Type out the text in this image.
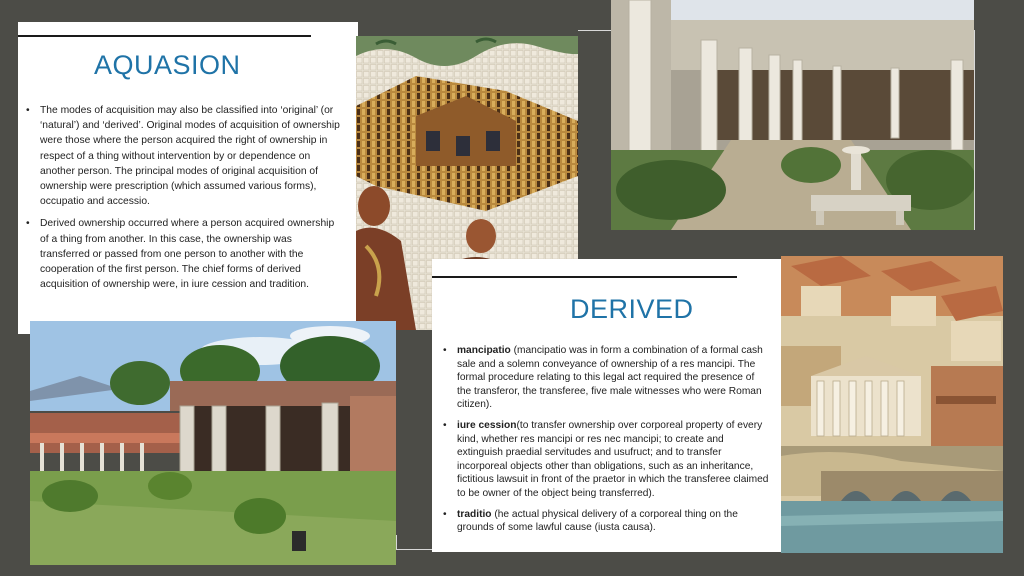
AQUASION
• The modes of acquisition may also be classified into ‘original’ (or ‘natural’) and ‘derived’. Original modes of acquisition of ownership were those where the person acquired the right of ownership in respect of a thing without intervention by or dependence on another person. The principal modes of original acquisition of ownership were prescription (which assumed various forms), occupatio and accessio.
• Derived ownership occurred where a person acquired ownership of a thing from another. In this case, the ownership was transferred or passed from one person to another with the cooperation of the first person. The chief forms of derived acquisition of ownership were, in iure cession and tradition.
DERIVED
• mancipatio (mancipatio was in form a combination of a formal cash sale and a solemn conveyance of ownership of a res mancipi. The formal procedure relating to this legal act required the presence of the transferor, the transferee, five male witnesses who were Roman citizen).
• iure cession(to transfer ownership over corporeal property of every kind, whether res mancipi or res nec mancipi; to create and extinguish praedial servitudes and usufruct; and to transfer incorporeal objects other than obligations, such as an inheritance, fictitious lawsuit in front of the praetor in which the transferee claimed to be owner of the object being transferred).
• traditio (he actual physical delivery of a corporeal thing on the grounds of some lawful cause (iusta causa).
